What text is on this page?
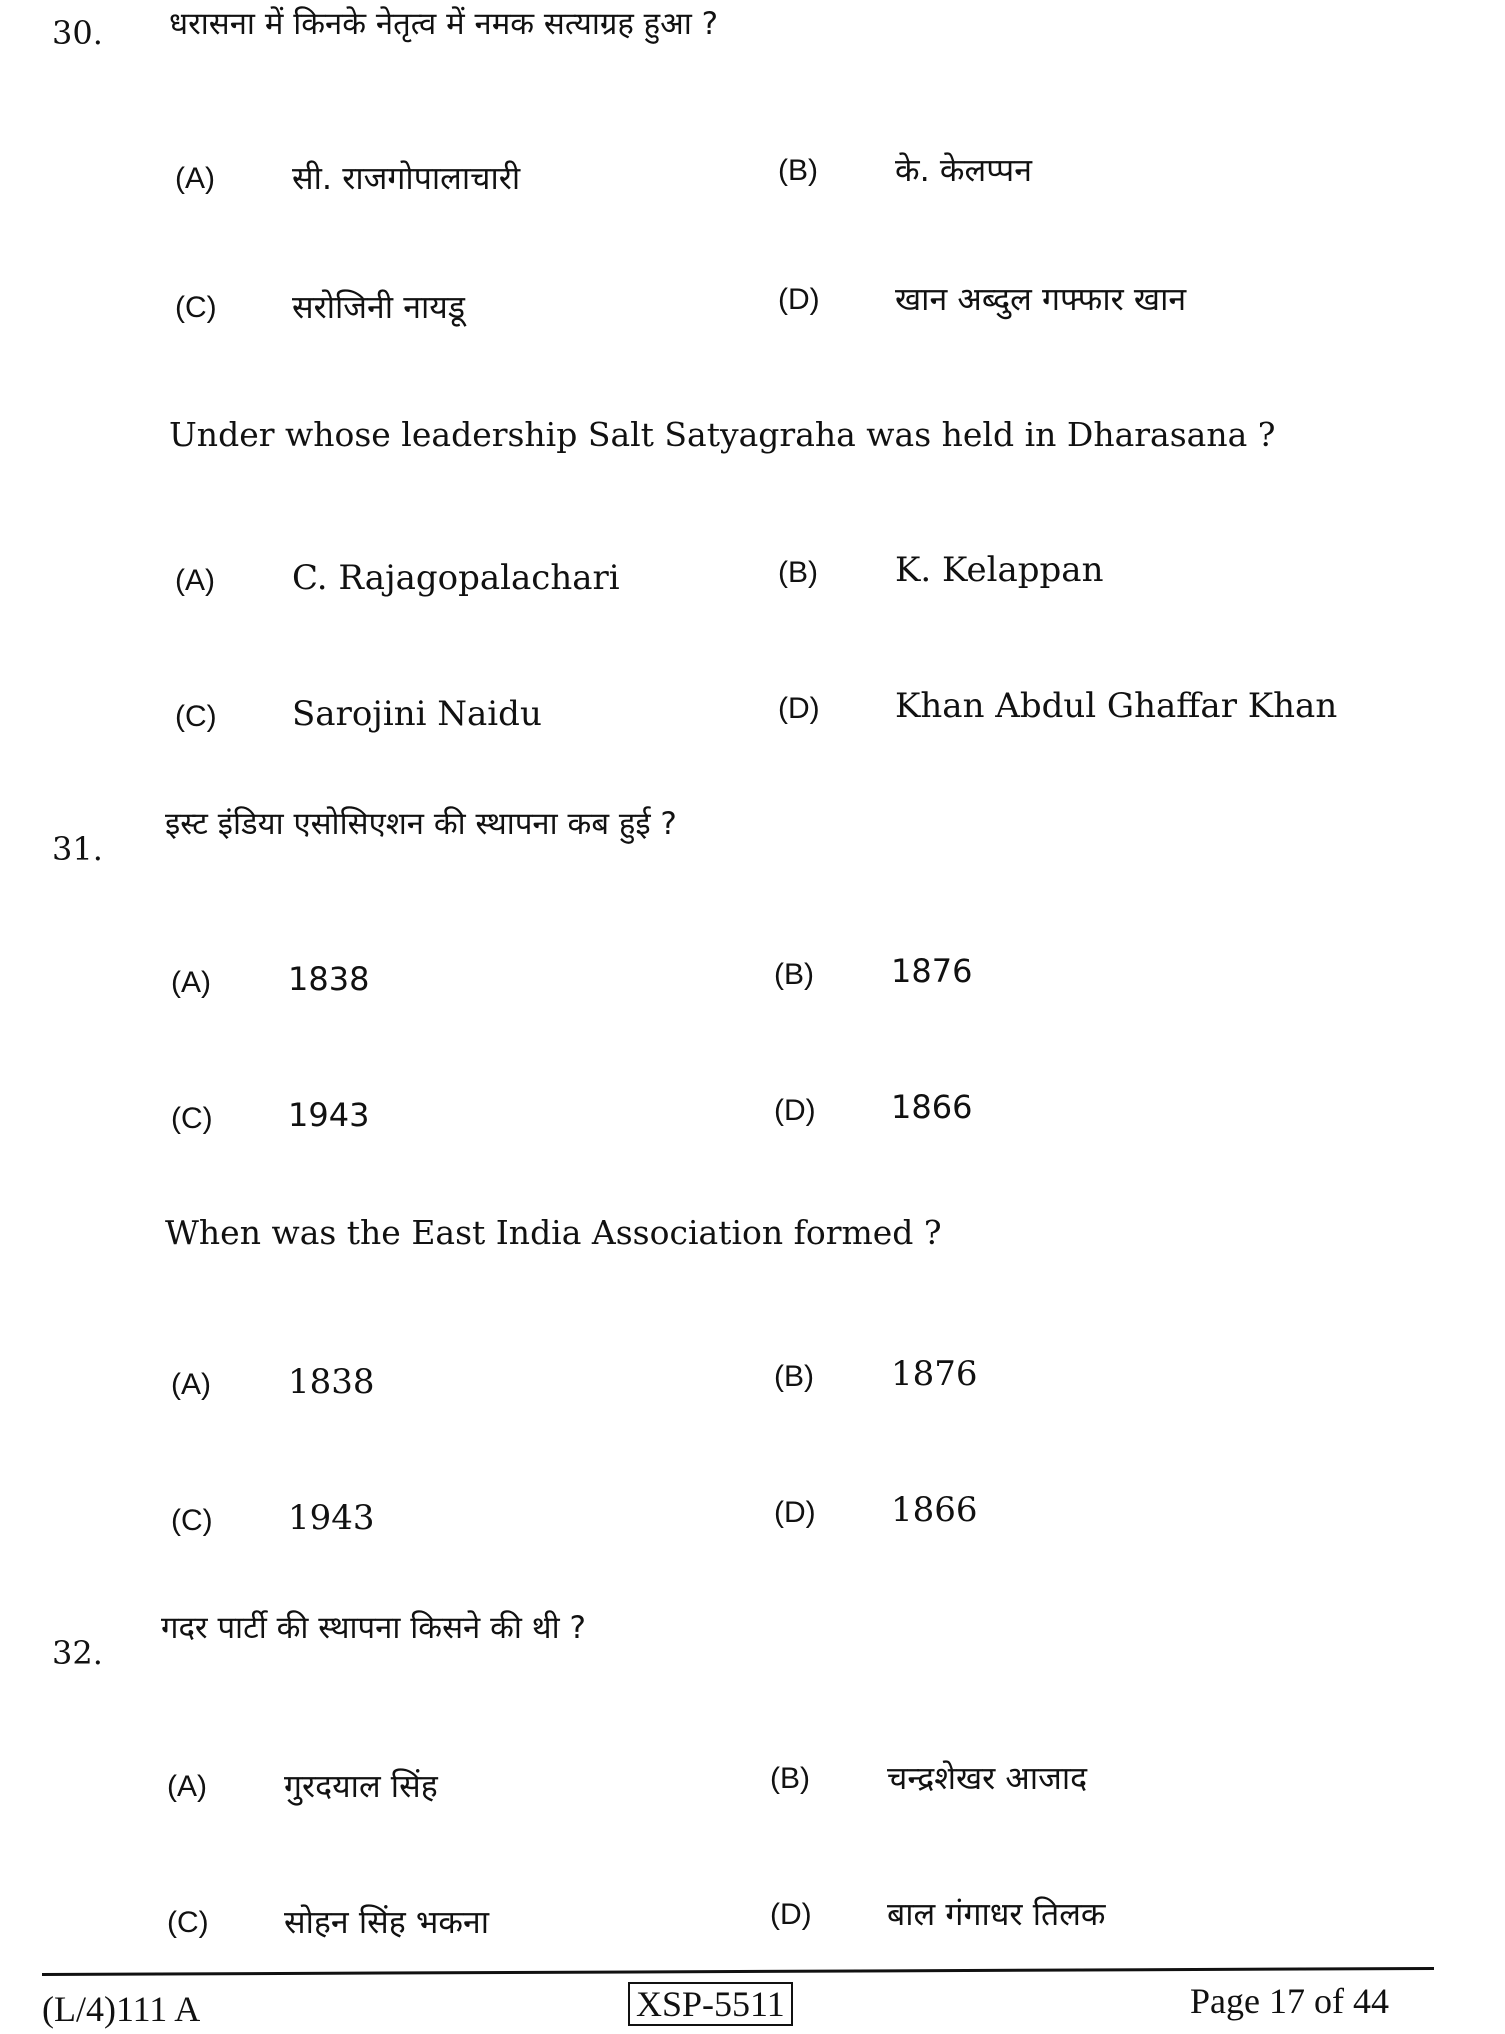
30. धरासना में किनके नेतृत्व में नमक सत्याग्रह हुआ ?
(A) सी. राजगोपालाचारी	(B) के. केलप्पन
(C) सरोजिनी नायडू	(D) खान अब्दुल गफ्फार खान
Under whose leadership Salt Satyagraha was held in Dharasana ?
(A) C. Rajagopalachari	(B) K. Kelappan
(C) Sarojini Naidu	(D) Khan Abdul Ghaffar Khan
31.
इस्ट इंडिया एसोसिएशन की स्थापना कब हुई ?
(A) 1838	(B) 1876
(C) 1943	(D) 1866
When was the East India Association formed ?
(A) 1838	(B) 1876
(C) 1943	(D) 1866
32.
गदर पार्टी की स्थापना किसने की थी ?
(A) गुरदयाल सिंह	(B) चन्द्रशेखर आजाद
(C) सोहन सिंह भकना	(D) बाल गंगाधर तिलक
(L/4)111 A	XSP-5511	Page 17 of 44
